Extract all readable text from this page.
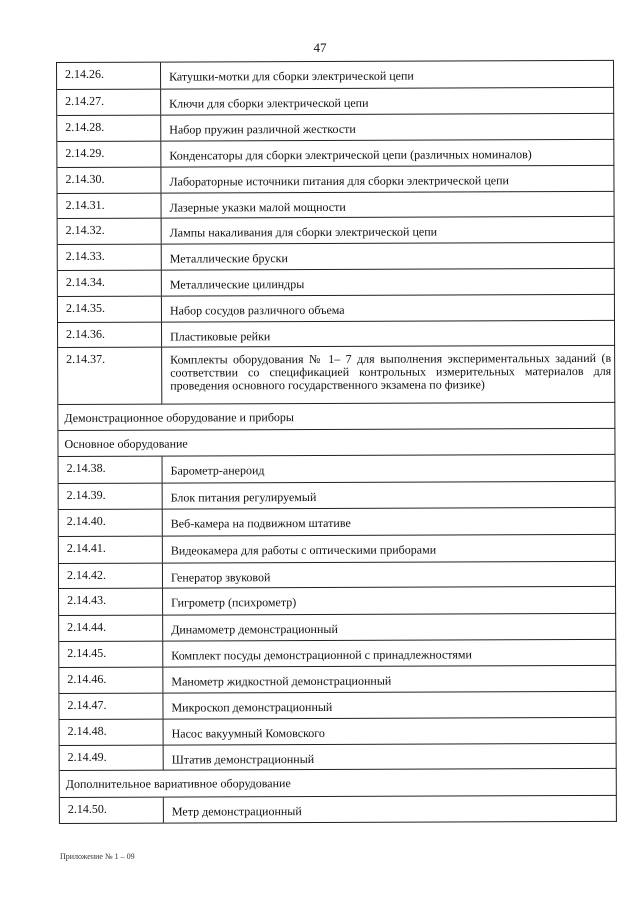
47
2.14.26.	Катушки-мотки для сборки электрической цепи
2.14.27.	Ключи для сборки электрической цепи
2.14.28.	Набор пружин различной жесткости
2.14.29.	Конденсаторы для сборки электрической цепи (различных номиналов)
2.14.30.	Лабораторные источники питания для сборки электрической цепи
2.14.31.	Лазерные указки малой мощности
2.14.32.	Лампы накаливания для сборки электрической цепи
2.14.33.	Металлические бруски
2.14.34.	Металлические цилиндры
2.14.35.	Набор сосудов различного объема
2.14.36.	Пластиковые рейки
2.14.37.	Комплекты оборудования № 1– 7 для выполнения экспериментальных заданий (в соответствии со спецификацией контрольных измерительных материалов для проведения основного государственного экзамена по физике)
Демонстрационное оборудование и приборы
Основное оборудование
2.14.38.	Барометр-анероид
2.14.39.	Блок питания регулируемый
2.14.40.	Веб-камера на подвижном штативе
2.14.41.	Видеокамера для работы с оптическими приборами
2.14.42.	Генератор звуковой
2.14.43.	Гигрометр (психрометр)
2.14.44.	Динамометр демонстрационный
2.14.45.	Комплект посуды демонстрационной с принадлежностями
2.14.46.	Манометр жидкостной демонстрационный
2.14.47.	Микроскоп демонстрационный
2.14.48.	Насос вакуумный Комовского
2.14.49.	Штатив демонстрационный
Дополнительное вариативное оборудование
2.14.50.	Метр демонстрационный
Приложение № 1 – 09
